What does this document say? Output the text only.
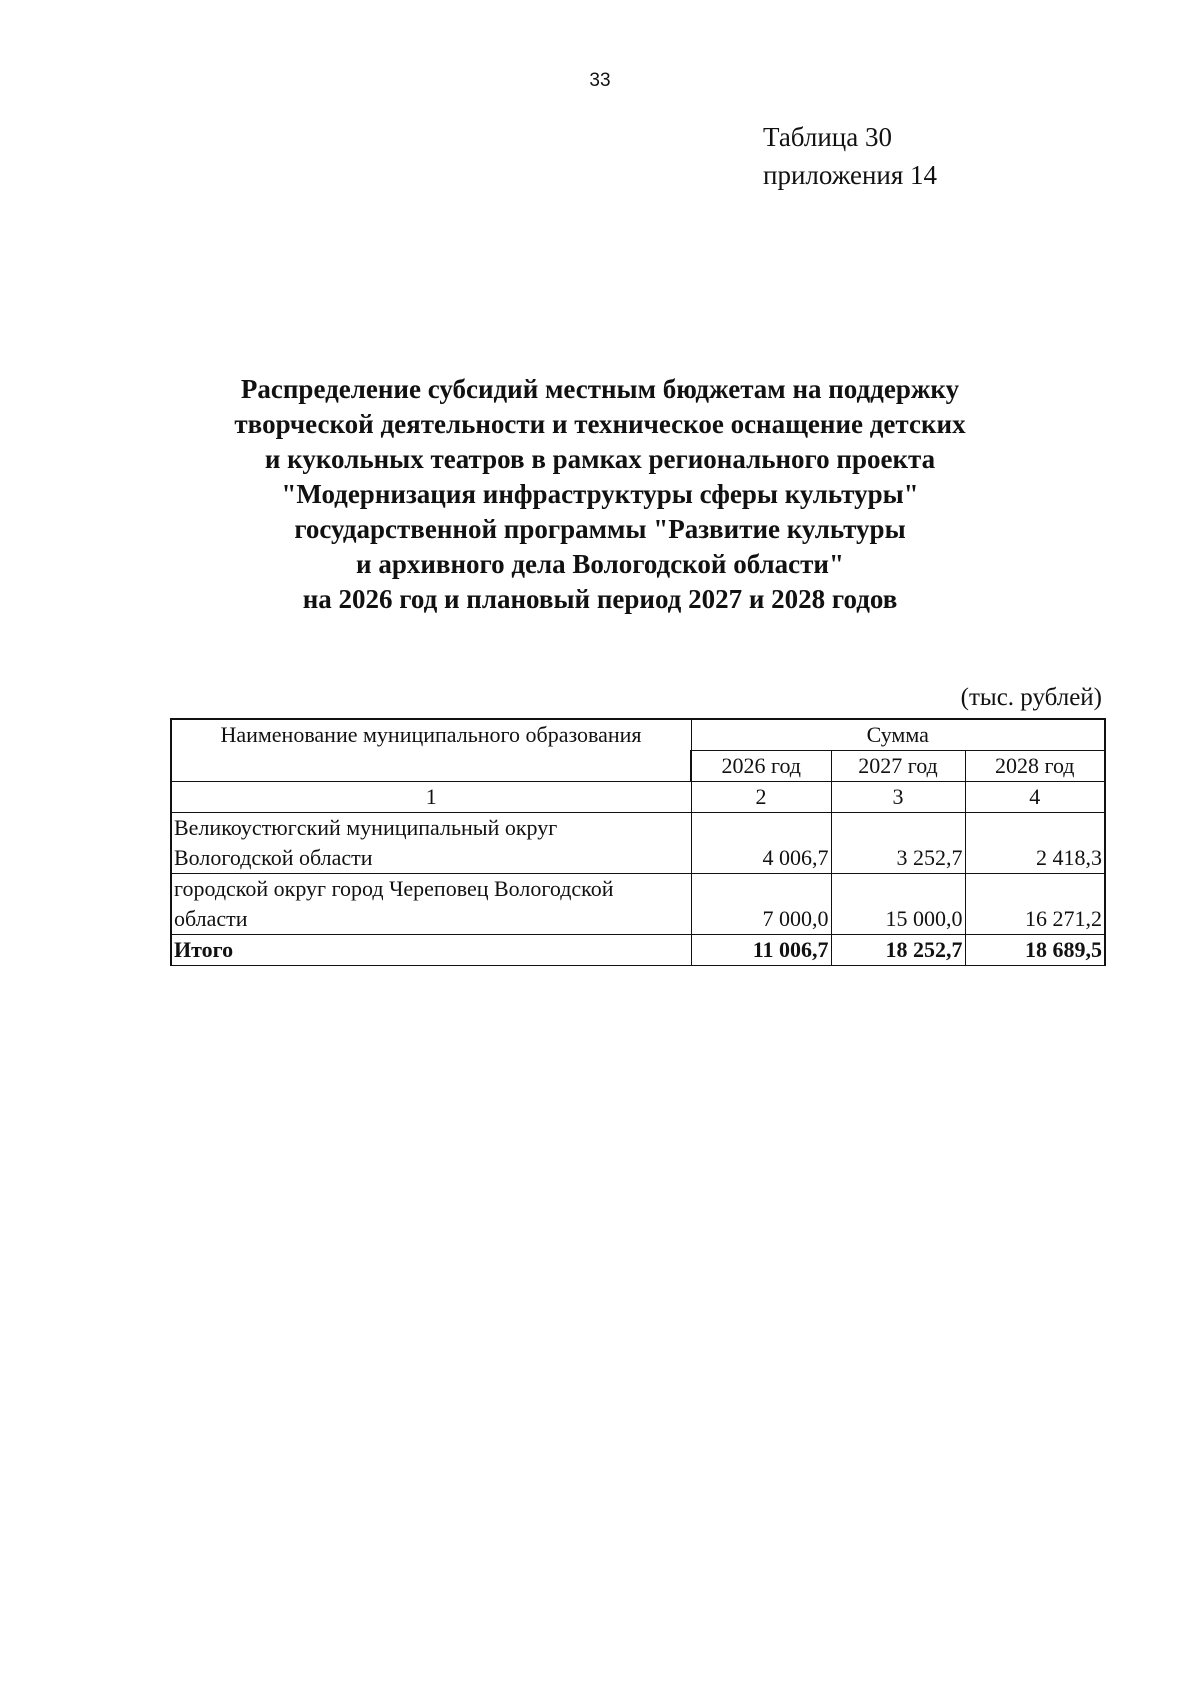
33
Таблица 30
приложения 14
Распределение субсидий местным бюджетам на поддержку
творческой деятельности и техническое оснащение детских
и кукольных театров в рамках регионального проекта
"Модернизация инфраструктуры сферы культуры"
государственной программы "Развитие культуры
и архивного дела Вологодской области"
на 2026 год и плановый период 2027 и 2028 годов
(тыс. рублей)
Наименование муниципального образования	Сумма		
	2026 год	2027 год	2028 год
1	2	3	4

Великоустюгский муниципальный округ
Вологодской области	4 006,7	3 252,7	2 418,3

городской округ город Череповец Вологодской
области	7 000,0	15 000,0	16 271,2
Итого	11 006,7	18 252,7	18 689,5
